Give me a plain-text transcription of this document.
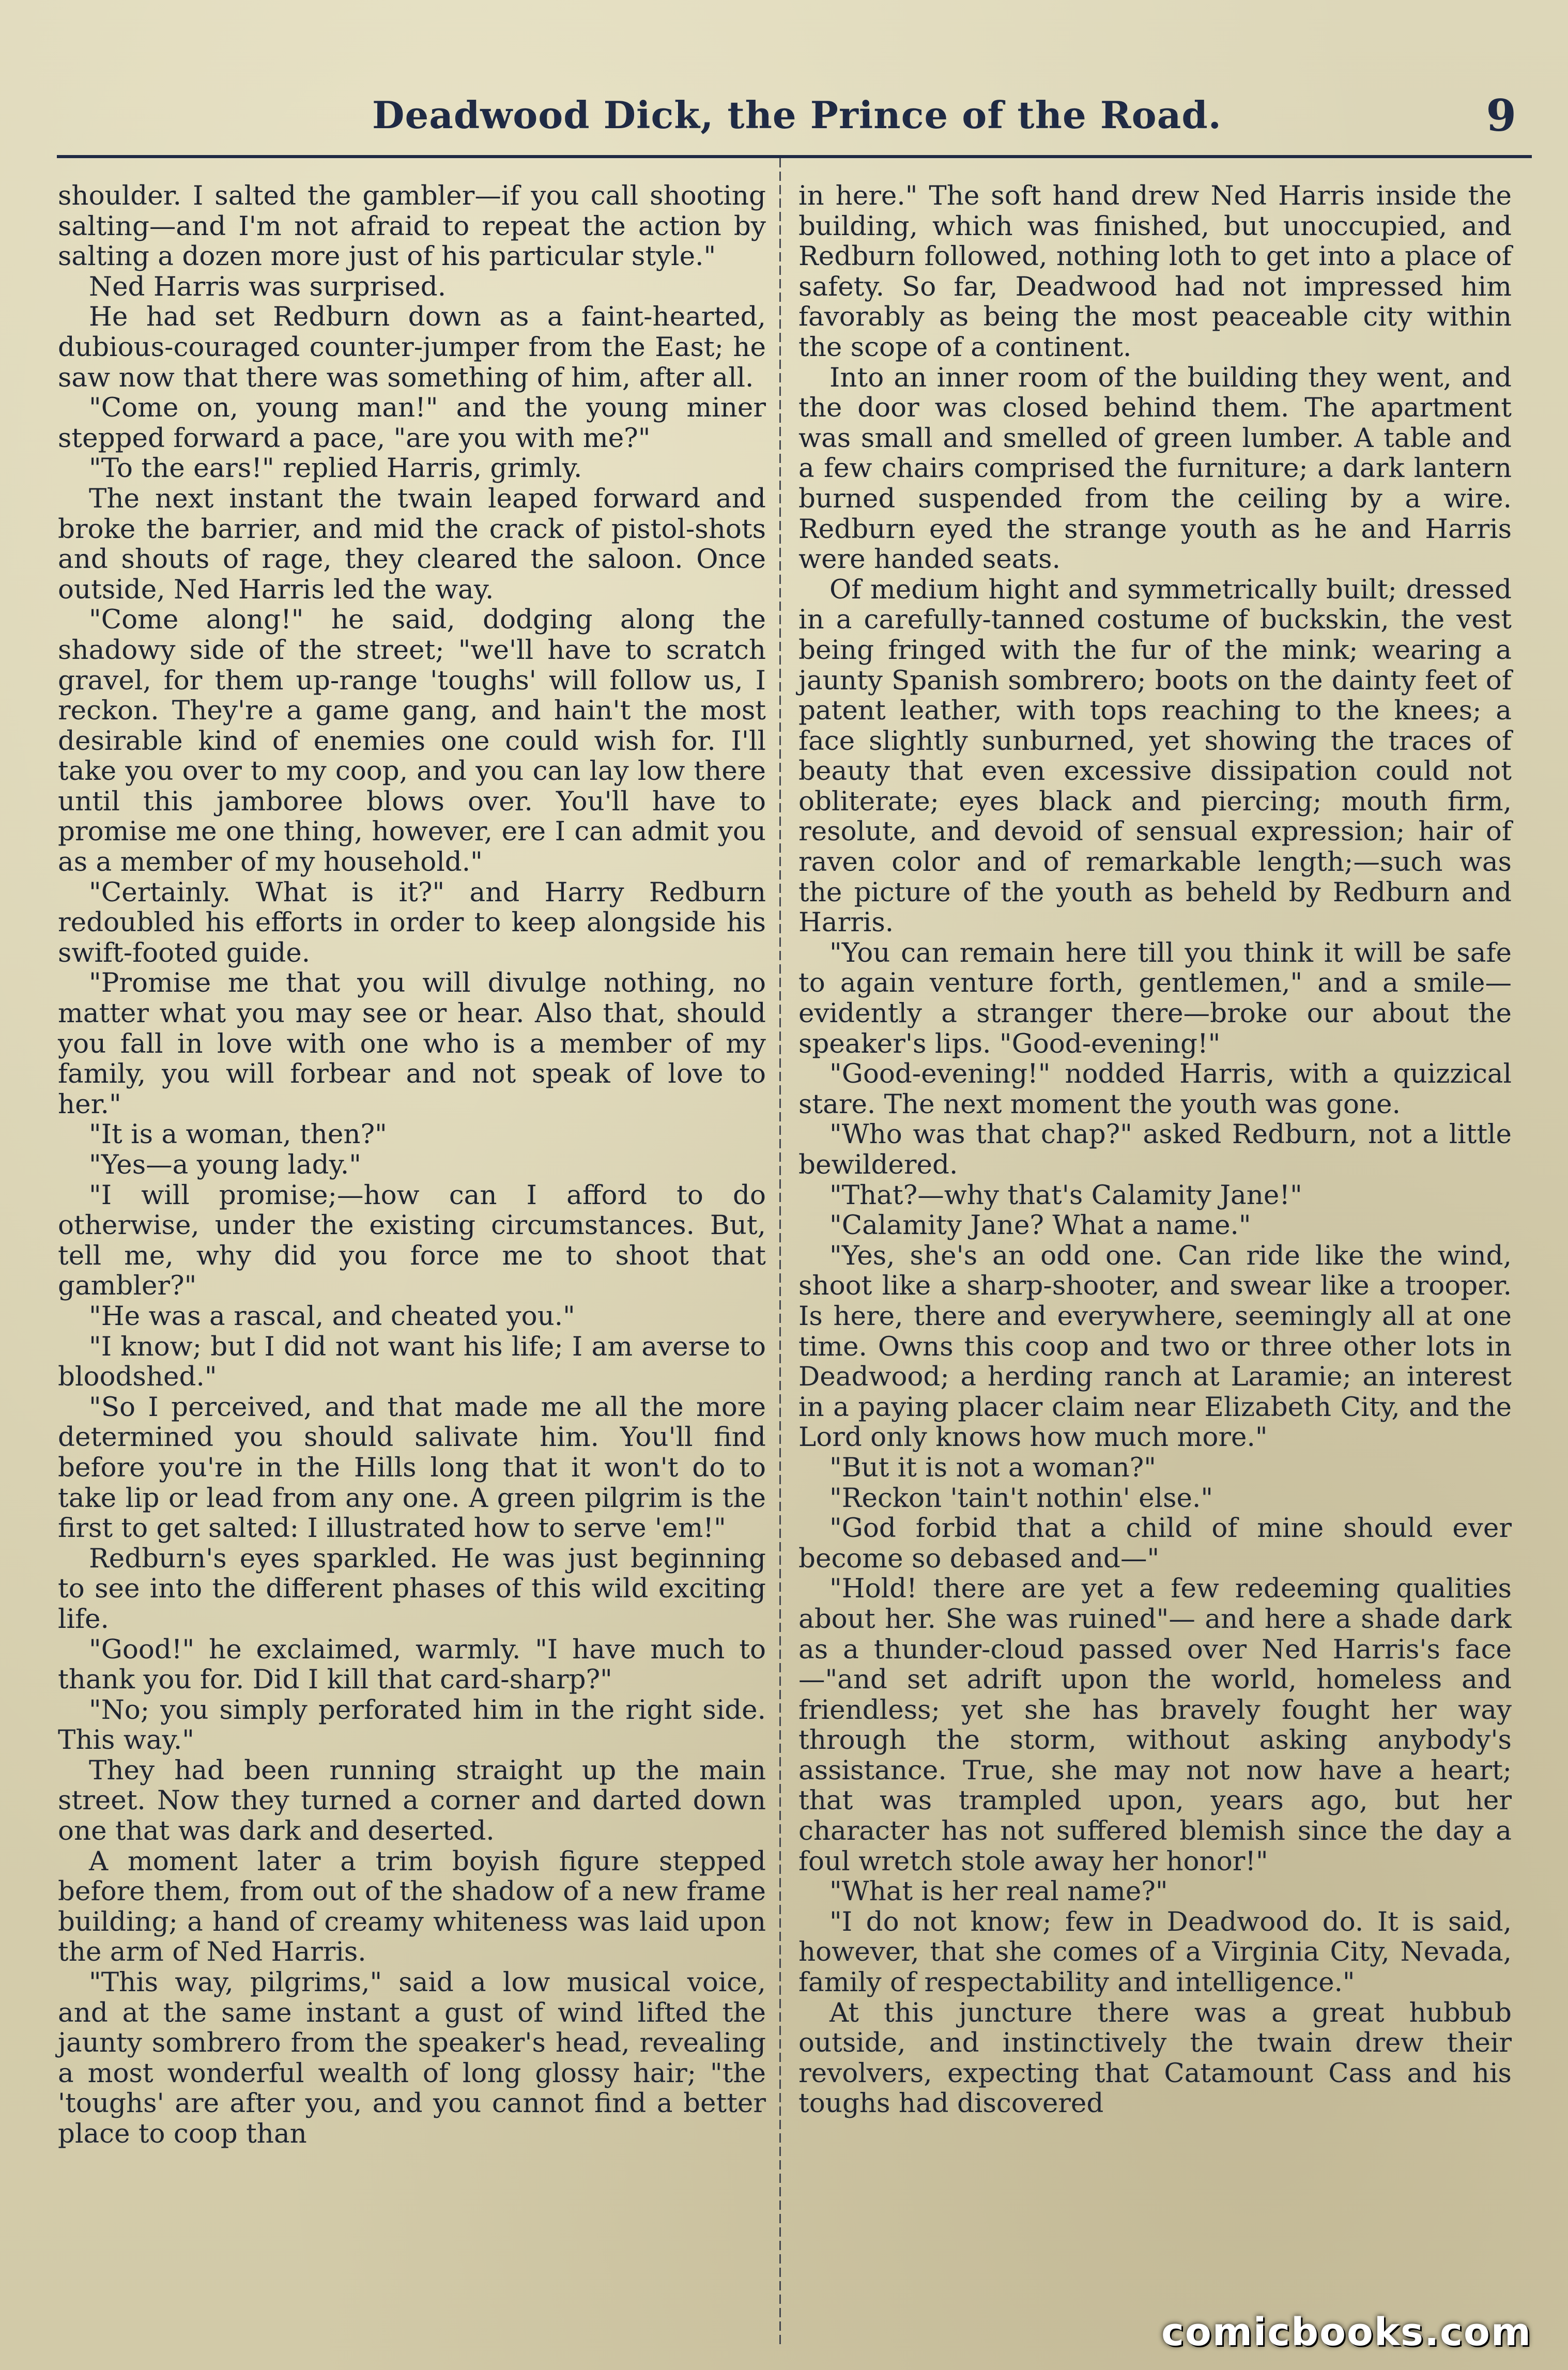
Deadwood Dick, the Prince of the Road.	9

shoulder. I salted the gambler—if you call shooting salting—and I'm not afraid to repeat the action by salting a dozen more just of his particular style."

Ned Harris was surprised.

He had set Redburn down as a faint-hearted, dubious-couraged counter-jumper from the East; he saw now that there was something of him, after all.

"Come on, young man!" and the young miner stepped forward a pace, "are you with me?"

"To the ears!" replied Harris, grimly.

The next instant the twain leaped forward and broke the barrier, and mid the crack of pistol-shots and shouts of rage, they cleared the saloon. Once outside, Ned Harris led the way.

"Come along!" he said, dodging along the shadowy side of the street; "we'll have to scratch gravel, for them up-range 'toughs' will follow us, I reckon. They're a game gang, and hain't the most desirable kind of enemies one could wish for. I'll take you over to my coop, and you can lay low there until this jamboree blows over. You'll have to promise me one thing, however, ere I can admit you as a member of my household."

"Certainly. What is it?" and Harry Redburn redoubled his efforts in order to keep alongside his swift-footed guide.

"Promise me that you will divulge nothing, no matter what you may see or hear. Also that, should you fall in love with one who is a member of my family, you will forbear and not speak of love to her."

"It is a woman, then?"

"Yes—a young lady."

"I will promise;—how can I afford to do otherwise, under the existing circumstances. But, tell me, why did you force me to shoot that gambler?"

"He was a rascal, and cheated you."

"I know; but I did not want his life; I am averse to bloodshed."

"So I perceived, and that made me all the more determined you should salivate him. You'll find before you're in the Hills long that it won't do to take lip or lead from any one. A green pilgrim is the first to get salted: I illustrated how to serve 'em!"

Redburn's eyes sparkled. He was just beginning to see into the different phases of this wild exciting life.

"Good!" he exclaimed, warmly. "I have much to thank you for. Did I kill that card-sharp?"

"No; you simply perforated him in the right side. This way."

They had been running straight up the main street. Now they turned a corner and darted down one that was dark and deserted.

A moment later a trim boyish figure stepped before them, from out of the shadow of a new frame building; a hand of creamy whiteness was laid upon the arm of Ned Harris.

"This way, pilgrims," said a low musical voice, and at the same instant a gust of wind lifted the jaunty sombrero from the speaker's head, revealing a most wonderful wealth of long glossy hair; "the 'toughs' are after you, and you cannot find a better place to coop than

in here." The soft hand drew Ned Harris inside the building, which was finished, but unoccupied, and Redburn followed, nothing loth to get into a place of safety. So far, Deadwood had not impressed him favorably as being the most peaceable city within the scope of a continent.

Into an inner room of the building they went, and the door was closed behind them. The apartment was small and smelled of green lumber. A table and a few chairs comprised the furniture; a dark lantern burned suspended from the ceiling by a wire. Redburn eyed the strange youth as he and Harris were handed seats.

Of medium hight and symmetrically built; dressed in a carefully-tanned costume of buckskin, the vest being fringed with the fur of the mink; wearing a jaunty Spanish sombrero; boots on the dainty feet of patent leather, with tops reaching to the knees; a face slightly sunburned, yet showing the traces of beauty that even excessive dissipation could not obliterate; eyes black and piercing; mouth firm, resolute, and devoid of sensual expression; hair of raven color and of remarkable length;—such was the picture of the youth as beheld by Redburn and Harris.

"You can remain here till you think it will be safe to again venture forth, gentlemen," and a smile—evidently a stranger there—broke our about the speaker's lips. "Good-evening!"

"Good-evening!" nodded Harris, with a quizzical stare. The next moment the youth was gone.

"Who was that chap?" asked Redburn, not a little bewildered.

"That?—why that's Calamity Jane!"

"Calamity Jane? What a name."

"Yes, she's an odd one. Can ride like the wind, shoot like a sharp-shooter, and swear like a trooper. Is here, there and everywhere, seemingly all at one time. Owns this coop and two or three other lots in Deadwood; a herding ranch at Laramie; an interest in a paying placer claim near Elizabeth City, and the Lord only knows how much more."

"But it is not a woman?"

"Reckon 'tain't nothin' else."

"God forbid that a child of mine should ever become so debased and—"

"Hold! there are yet a few redeeming qualities about her. She was ruined"— and here a shade dark as a thunder-cloud passed over Ned Harris's face—"and set adrift upon the world, homeless and friendless; yet she has bravely fought her way through the storm, without asking anybody's assistance. True, she may not now have a heart; that was trampled upon, years ago, but her character has not suffered blemish since the day a foul wretch stole away her honor!"

"What is her real name?"

"I do not know; few in Deadwood do. It is said, however, that she comes of a Virginia City, Nevada, family of respectability and intelligence."

At this juncture there was a great hubbub outside, and instinctively the twain drew their revolvers, expecting that Catamount Cass and his toughs had discovered

comicbooks.com
